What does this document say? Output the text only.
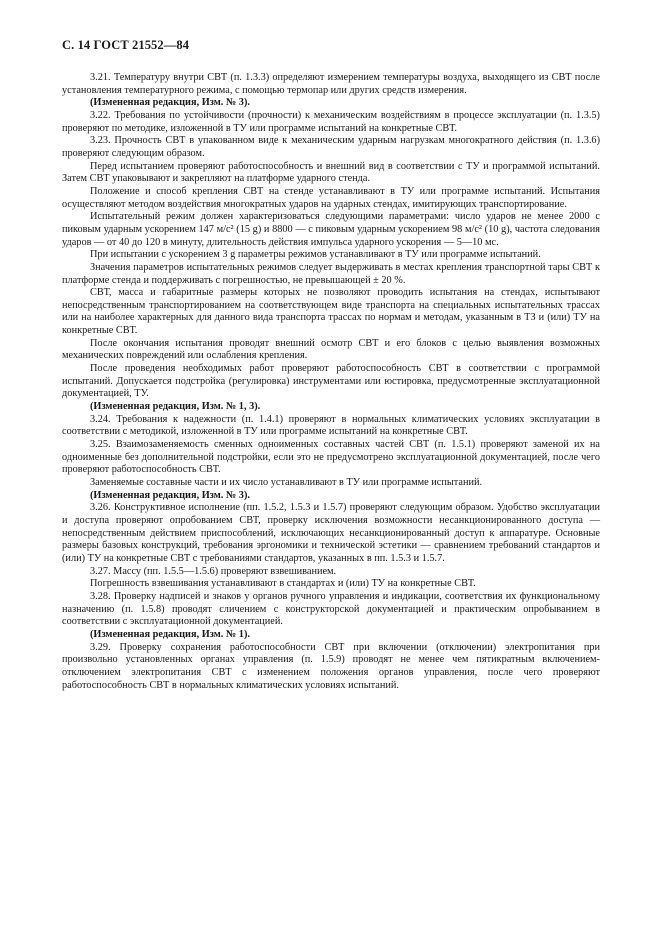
С. 14 ГОСТ 21552—84

3.21. Температуру внутри СВТ (п. 1.3.3) определяют измерением температуры воздуха, выходящего из СВТ после установления температурного режима, с помощью термопар или других средств измерения.

(Измененная редакция, Изм. № 3).

3.22. Требования по устойчивости (прочности) к механическим воздействиям в процессе эксплуатации (п. 1.3.5) проверяют по методике, изложенной в ТУ или программе испытаний на конкретные СВТ.

3.23. Прочность СВТ в упакованном виде к механическим ударным нагрузкам многократного действия (п. 1.3.6) проверяют следующим образом.

Перед испытанием проверяют работоспособность и внешний вид в соответствии с ТУ и программой испытаний. Затем СВТ упаковывают и закрепляют на платформе ударного стенда.

Положение и способ крепления СВТ на стенде устанавливают в ТУ или программе испытаний. Испытания осуществляют методом воздействия многократных ударов на ударных стендах, имитирующих транспортирование.

Испытательный режим должен характеризоваться следующими параметрами: число ударов не менее 2000 с пиковым ударным ускорением 147 м/с² (15 g) и 8800 — с пиковым ударным ускорением 98 м/с² (10 g), частота следования ударов — от 40 до 120 в минуту, длительность действия импульса ударного ускорения — 5—10 мс.

При испытании с ускорением 3 g параметры режимов устанавливают в ТУ или программе испытаний.

Значения параметров испытательных режимов следует выдерживать в местах крепления транспортной тары СВТ к платформе стенда и поддерживать с погрешностью, не превышающей ± 20 %.

СВТ, масса и габаритные размеры которых не позволяют проводить испытания на стендах, испытывают непосредственным транспортированием на соответствующем виде транспорта на специальных испытательных трассах или на наиболее характерных для данного вида транспорта трассах по нормам и методам, указанным в ТЗ и (или) ТУ на конкретные СВТ.

После окончания испытания проводят внешний осмотр СВТ и его блоков с целью выявления возможных механических повреждений или ослабления крепления.

После проведения необходимых работ проверяют работоспособность СВТ в соответствии с программой испытаний. Допускается подстройка (регулировка) инструментами или юстировка, предусмотренные эксплуатационной документацией, ТУ.

(Измененная редакция, Изм. № 1, 3).

3.24. Требования к надежности (п. 1.4.1) проверяют в нормальных климатических условиях эксплуатации в соответствии с методикой, изложенной в ТУ или программе испытаний на конкретные СВТ.

3.25. Взаимозаменяемость сменных одноименных составных частей СВТ (п. 1.5.1) проверяют заменой их на одноименные без дополнительной подстройки, если это не предусмотрено эксплуатационной документацией, после чего проверяют работоспособность СВТ.

Заменяемые составные части и их число устанавливают в ТУ или программе испытаний.

(Измененная редакция, Изм. № 3).

3.26. Конструктивное исполнение (пп. 1.5.2, 1.5.3 и 1.5.7) проверяют следующим образом. Удобство эксплуатации и доступа проверяют опробованием СВТ, проверку исключения возможности несанкционированного доступа — непосредственным действием приспособлений, исключающих несанкционированный доступ к аппаратуре. Основные размеры базовых конструкций, требования эргономики и технической эстетики — сравнением требований стандартов и (или) ТУ на конкретные СВТ с требованиями стандартов, указанных в пп. 1.5.3 и 1.5.7.

3.27. Массу (пп. 1.5.5—1.5.6) проверяют взвешиванием.

Погрешность взвешивания устанавливают в стандартах и (или) ТУ на конкретные СВТ.

3.28. Проверку надписей и знаков у органов ручного управления и индикации, соответствия их функциональному назначению (п. 1.5.8) проводят сличением с конструкторской документацией и практическим опробыванием в соответствии с эксплуатационной документацией.

(Измененная редакция, Изм. № 1).

3.29. Проверку сохранения работоспособности СВТ при включении (отключении) электропитания при произвольно установленных органах управления (п. 1.5.9) проводят не менее чем пятикратным включением-отключением электропитания СВТ с изменением положения органов управления, после чего проверяют работоспособность СВТ в нормальных климатических условиях испытаний.
